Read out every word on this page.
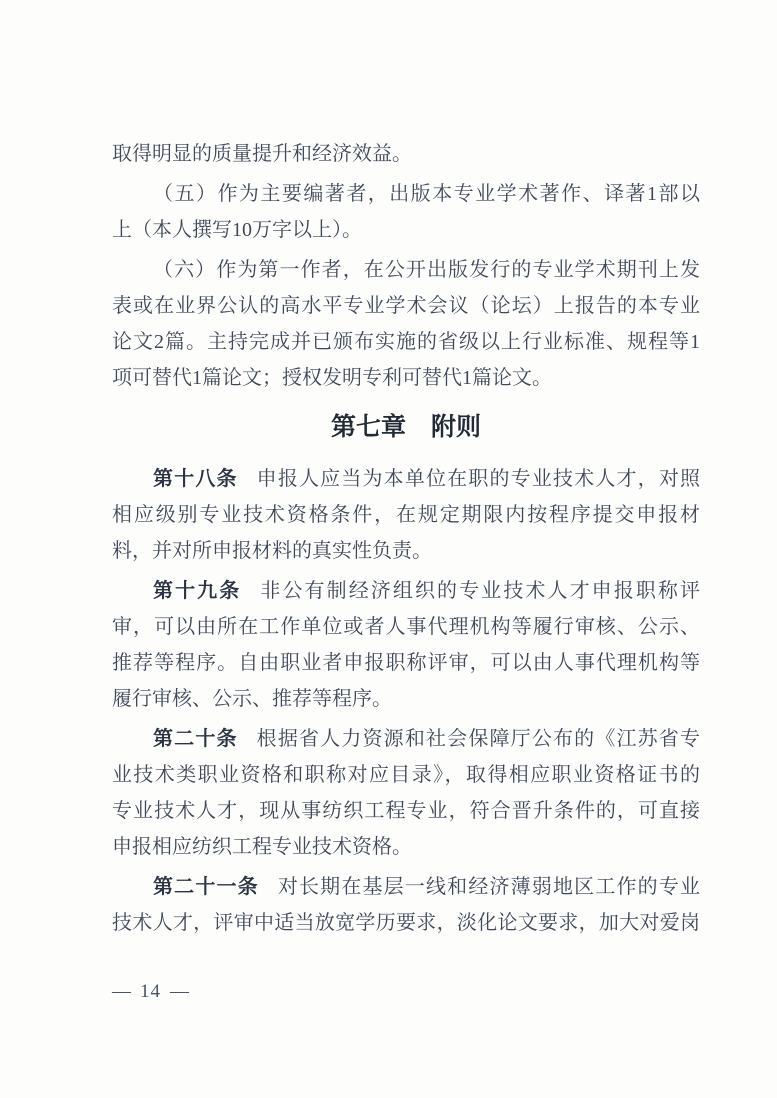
取得明显的质量提升和经济效益。
（五）作为主要编著者，出版本专业学术著作、译著1部以
上（本人撰写10万字以上）。
（六）作为第一作者，在公开出版发行的专业学术期刊上发
表或在业界公认的高水平专业学术会议（论坛）上报告的本专业
论文2篇。主持完成并已颁布实施的省级以上行业标准、规程等1
项可替代1篇论文；授权发明专利可替代1篇论文。
第七章　附则
第十八条 申报人应当为本单位在职的专业技术人才，对照
相应级别专业技术资格条件，在规定期限内按程序提交申报材
料，并对所申报材料的真实性负责。
第十九条 非公有制经济组织的专业技术人才申报职称评
审，可以由所在工作单位或者人事代理机构等履行审核、公示、
推荐等程序。自由职业者申报职称评审，可以由人事代理机构等
履行审核、公示、推荐等程序。
第二十条 根据省人力资源和社会保障厅公布的《江苏省专
业技术类职业资格和职称对应目录》，取得相应职业资格证书的
专业技术人才，现从事纺织工程专业，符合晋升条件的，可直接
申报相应纺织工程专业技术资格。
第二十一条 对长期在基层一线和经济薄弱地区工作的专业
技术人才，评审中适当放宽学历要求，淡化论文要求，加大对爱岗
— 14 —
